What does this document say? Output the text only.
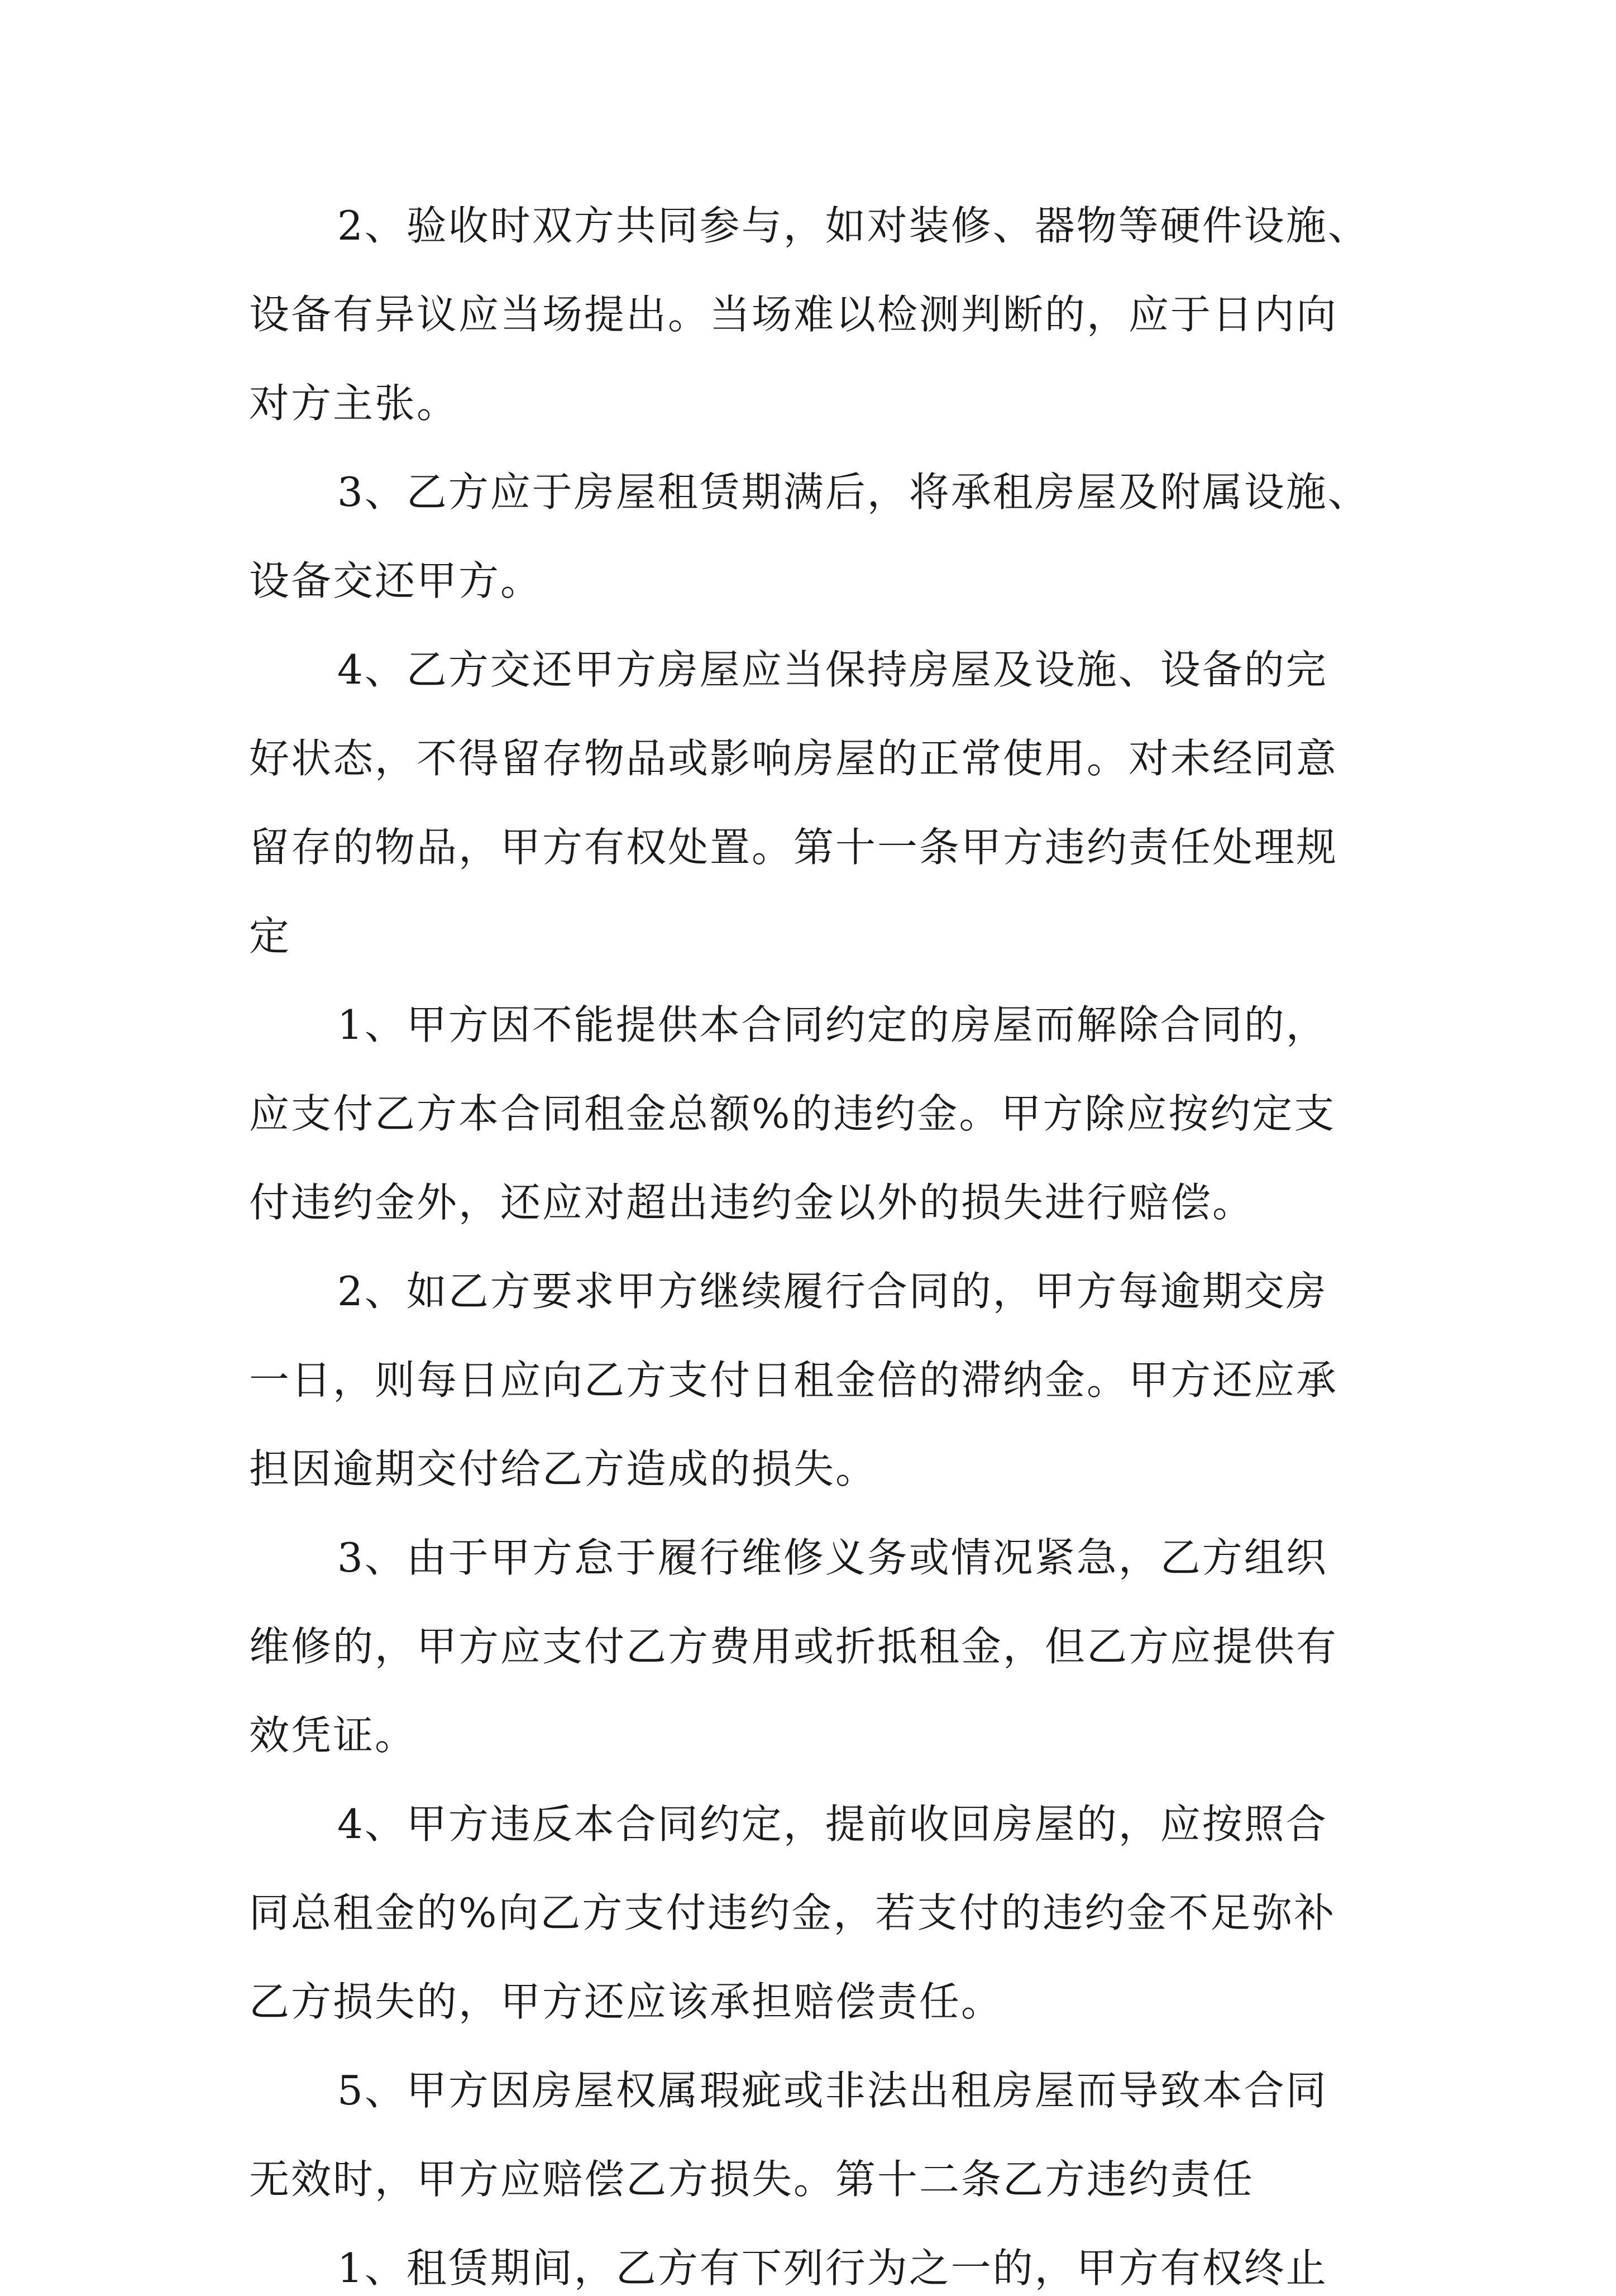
2、验收时双方共同参与，如对装修、器物等硬件设施、
设备有异议应当场提出。当场难以检测判断的，应于日内向
对方主张。
3、乙方应于房屋租赁期满后，将承租房屋及附属设施、
设备交还甲方。
4、乙方交还甲方房屋应当保持房屋及设施、设备的完
好状态，不得留存物品或影响房屋的正常使用。对未经同意
留存的物品，甲方有权处置。第十一条甲方违约责任处理规
定
1、甲方因不能提供本合同约定的房屋而解除合同的，
应支付乙方本合同租金总额%的违约金。甲方除应按约定支
付违约金外，还应对超出违约金以外的损失进行赔偿。
2、如乙方要求甲方继续履行合同的，甲方每逾期交房
一日，则每日应向乙方支付日租金倍的滞纳金。甲方还应承
担因逾期交付给乙方造成的损失。
3、由于甲方怠于履行维修义务或情况紧急，乙方组织
维修的，甲方应支付乙方费用或折抵租金，但乙方应提供有
效凭证。
4、甲方违反本合同约定，提前收回房屋的，应按照合
同总租金的%向乙方支付违约金，若支付的违约金不足弥补
乙方损失的，甲方还应该承担赔偿责任。
5、甲方因房屋权属瑕疵或非法出租房屋而导致本合同
无效时，甲方应赔偿乙方损失。第十二条乙方违约责任
1、租赁期间，乙方有下列行为之一的，甲方有权终止
